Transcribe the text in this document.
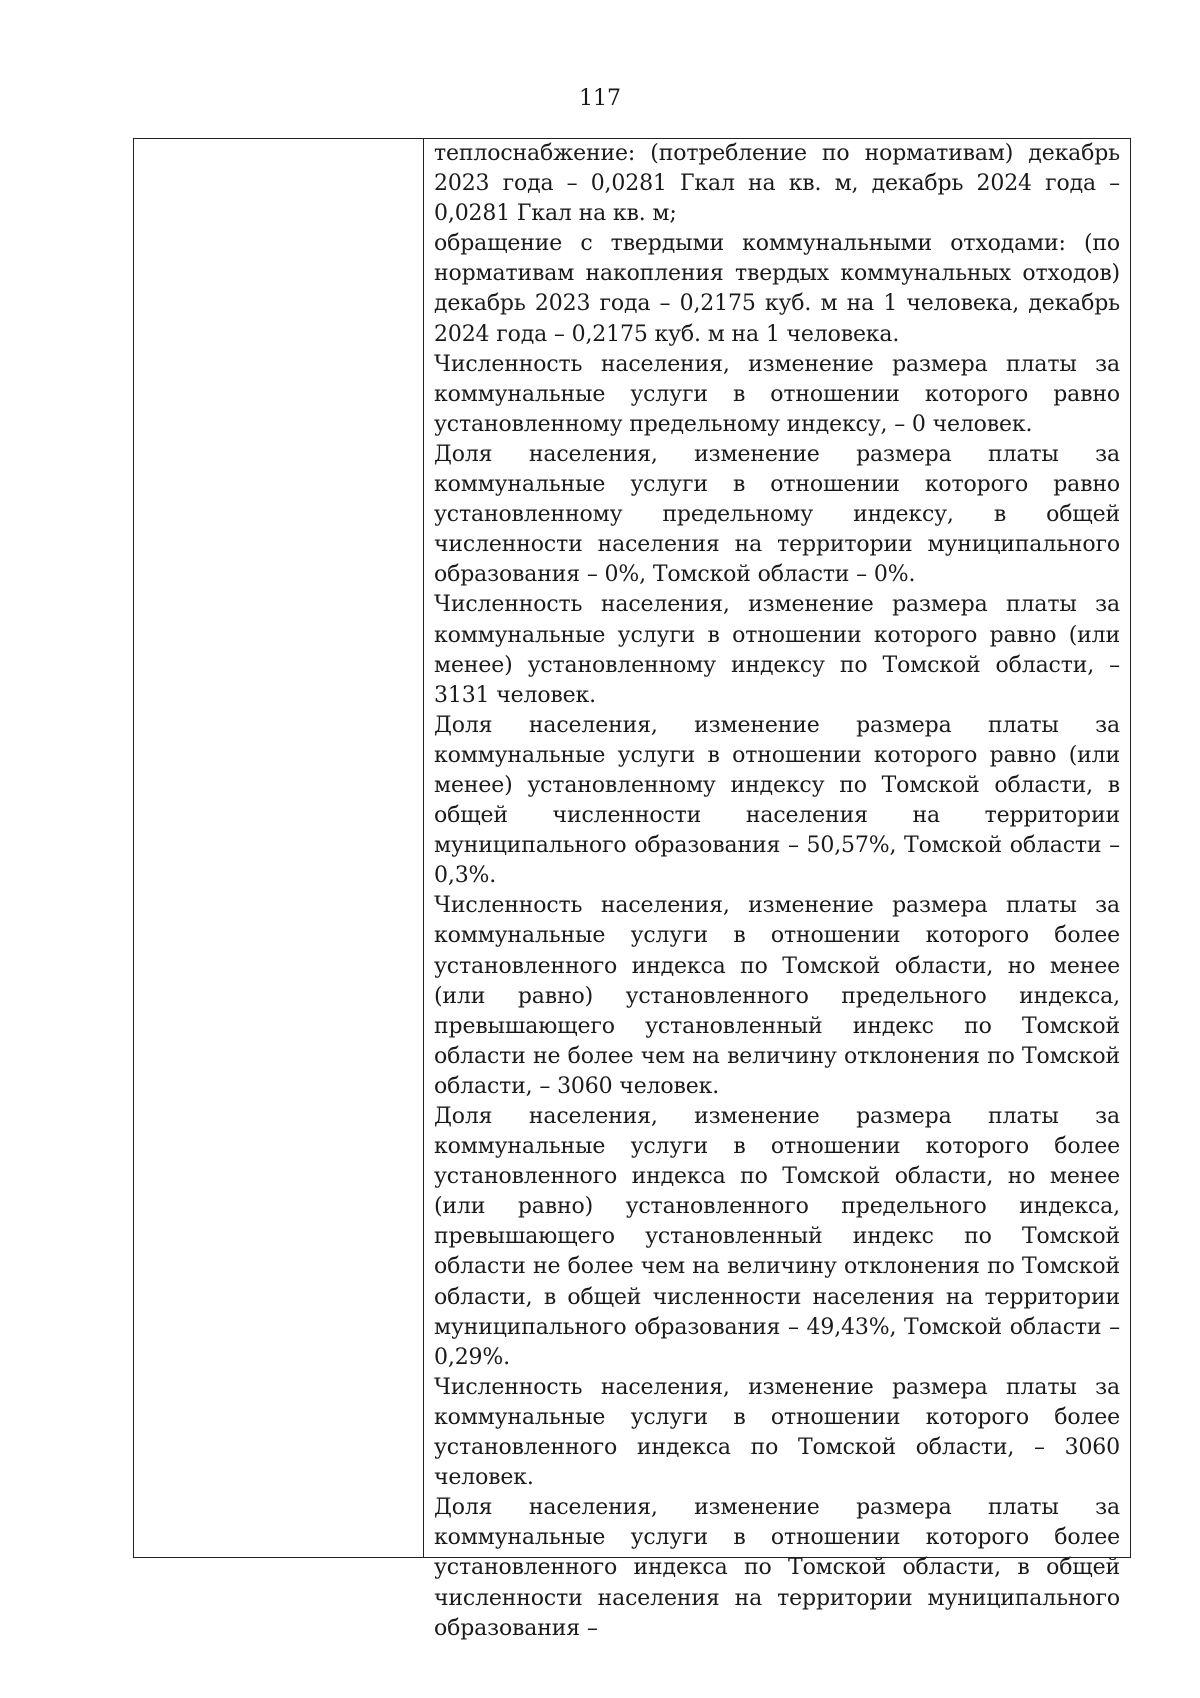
117

теплоснабжение: (потребление по нормативам) декабрь 2023 года – 0,0281 Гкал на кв. м, декабрь 2024 года – 0,0281 Гкал на кв. м;

обращение с твердыми коммунальными отходами: (по нормативам накопления твердых коммунальных отходов) декабрь 2023 года – 0,2175 куб. м на 1 человека, декабрь 2024 года – 0,2175 куб. м на 1 человека.

Численность населения, изменение размера платы за коммунальные услуги в отношении которого равно установленному предельному индексу, – 0 человек.

Доля населения, изменение размера платы за коммунальные услуги в отношении которого равно установленному предельному индексу, в общей численности населения на территории муниципального образования – 0%, Томской области – 0%.

Численность населения, изменение размера платы за коммунальные услуги в отношении которого равно (или менее) установленному индексу по Томской области, – 3131 человек.

Доля населения, изменение размера платы за коммунальные услуги в отношении которого равно (или менее) установленному индексу по Томской области, в общей численности населения на территории муниципального образования – 50,57%, Томской области – 0,3%.

Численность населения, изменение размера платы за коммунальные услуги в отношении которого более установленного индекса по Томской области, но менее (или равно) установленного предельного индекса, превышающего установленный индекс по Томской области не более чем на величину отклонения по Томской области, – 3060 человек.

Доля населения, изменение размера платы за коммунальные услуги в отношении которого более установленного индекса по Томской области, но менее (или равно) установленного предельного индекса, превышающего установленный индекс по Томской области не более чем на величину отклонения по Томской области, в общей численности населения на территории муниципального образования – 49,43%, Томской области – 0,29%.

Численность населения, изменение размера платы за коммунальные услуги в отношении которого более установленного индекса по Томской области, – 3060 человек.

Доля населения, изменение размера платы за коммунальные услуги в отношении которого более установленного индекса по Томской области, в общей численности населения на территории муниципального образования –
